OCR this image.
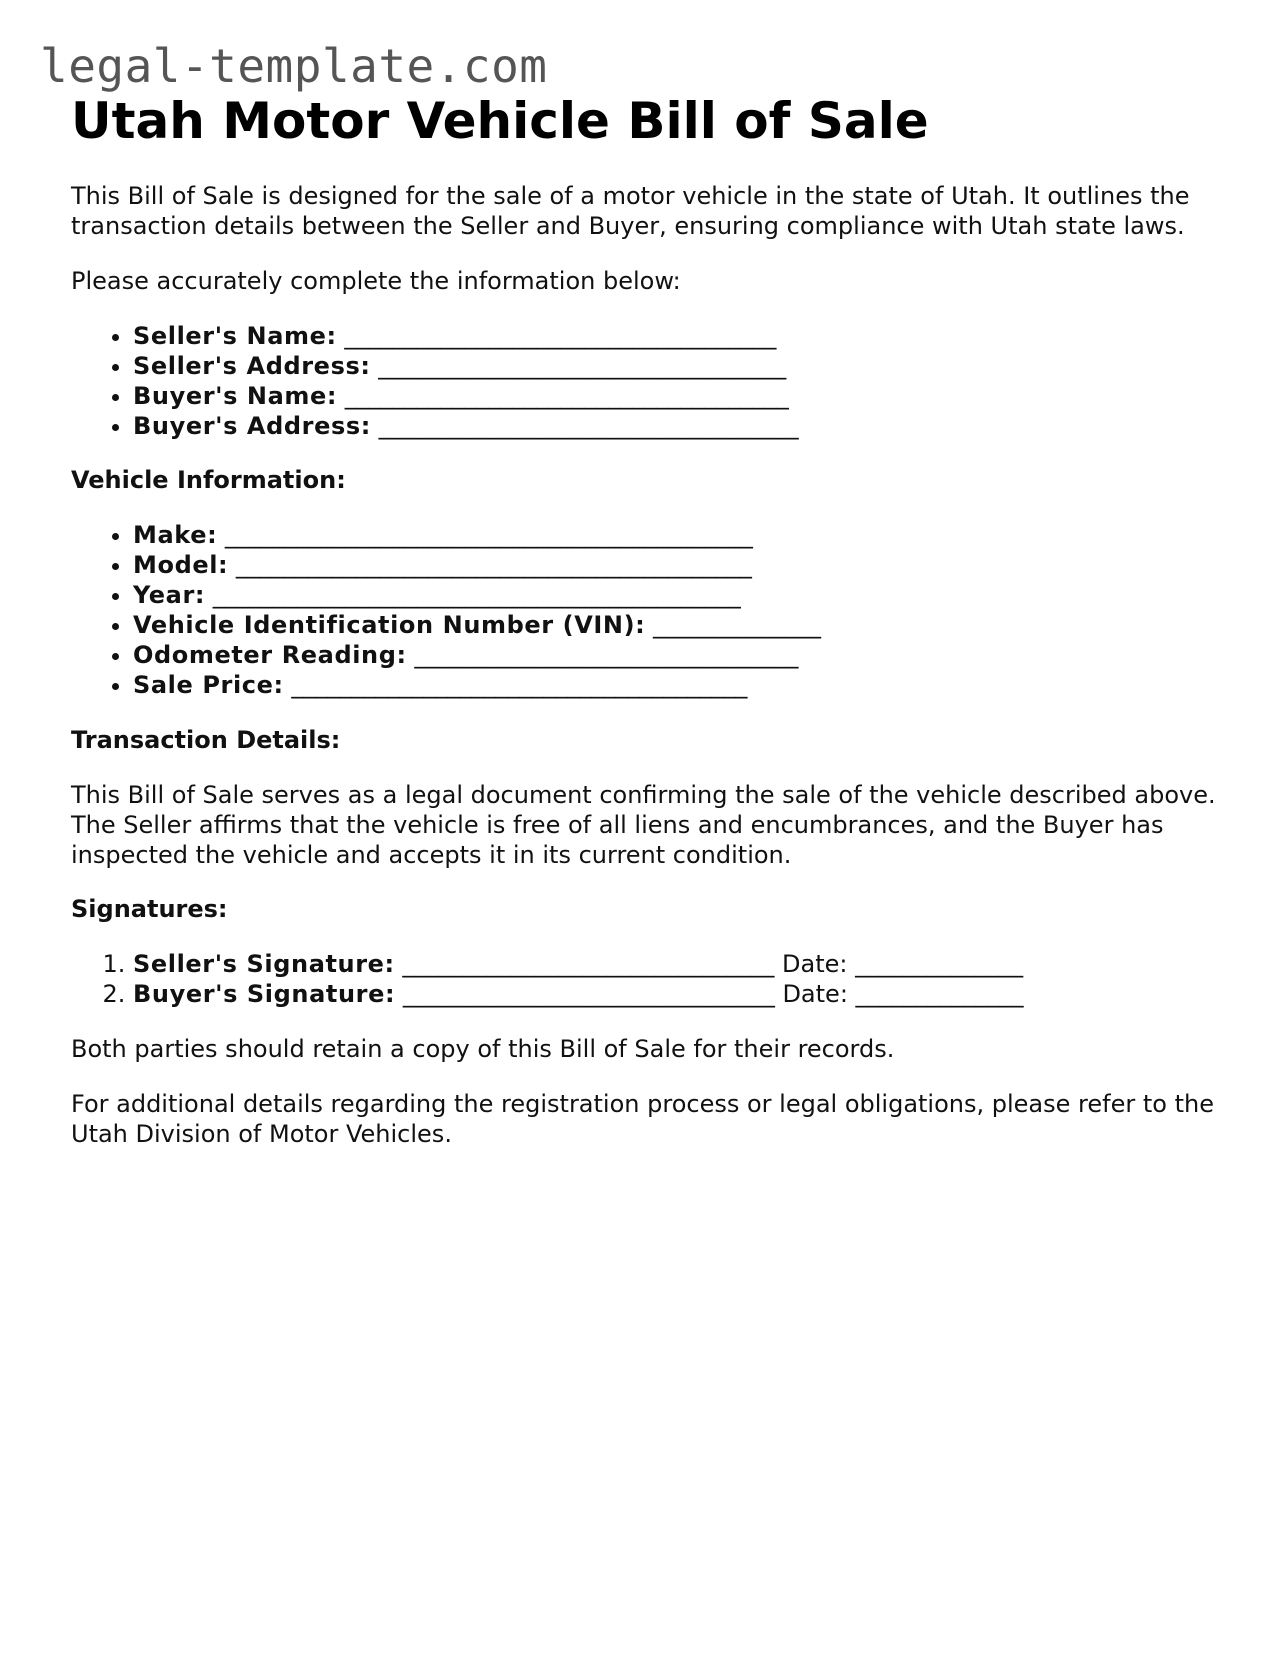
legal-template.com
Utah Motor Vehicle Bill of Sale

This Bill of Sale is designed for the sale of a motor vehicle in the state of Utah. It outlines the transaction details between the Seller and Buyer, ensuring compliance with Utah state laws.

Please accurately complete the information below:

• Seller's Name: ____________________________________
• Seller's Address: __________________________________
• Buyer's Name: _____________________________________
• Buyer's Address: ___________________________________
Vehicle Information:
• Make: ____________________________________________
• Model: ___________________________________________
• Year: ____________________________________________
• Vehicle Identification Number (VIN): ______________
• Odometer Reading: ________________________________
• Sale Price: ______________________________________
Transaction Details:

This Bill of Sale serves as a legal document confirming the sale of the vehicle described above. The Seller affirms that the vehicle is free of all liens and encumbrances, and the Buyer has inspected the vehicle and accepts it in its current condition.

Signatures:
1. Seller's Signature: _______________________________ Date: ______________
2. Buyer's Signature: _______________________________ Date: ______________

Both parties should retain a copy of this Bill of Sale for their records.

For additional details regarding the registration process or legal obligations, please refer to the Utah Division of Motor Vehicles.
